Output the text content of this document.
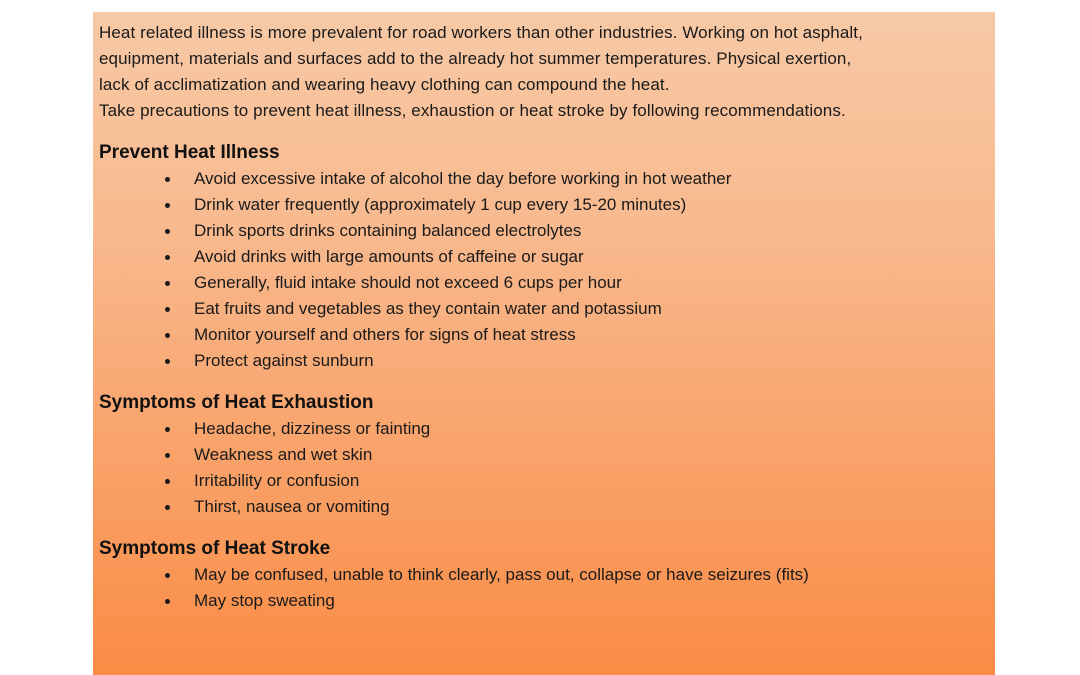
Heat related illness is more prevalent for road workers than other industries. Working on hot asphalt,

equipment, materials and surfaces add to the already hot summer temperatures. Physical exertion,

lack of acclimatization and wearing heavy clothing can compound the heat.

Take precautions to prevent heat illness, exhaustion or heat stroke by following recommendations.

Prevent Heat Illness
Avoid excessive intake of alcohol the day before working in hot weather
Drink water frequently (approximately 1 cup every 15-20 minutes)
Drink sports drinks containing balanced electrolytes
Avoid drinks with large amounts of caffeine or sugar
Generally, fluid intake should not exceed 6 cups per hour
Eat fruits and vegetables as they contain water and potassium
Monitor yourself and others for signs of heat stress
Protect against sunburn
Symptoms of Heat Exhaustion
Headache, dizziness or fainting
Weakness and wet skin
Irritability or confusion
Thirst, nausea or vomiting
Symptoms of Heat Stroke
May be confused, unable to think clearly, pass out, collapse or have seizures (fits)
May stop sweating
